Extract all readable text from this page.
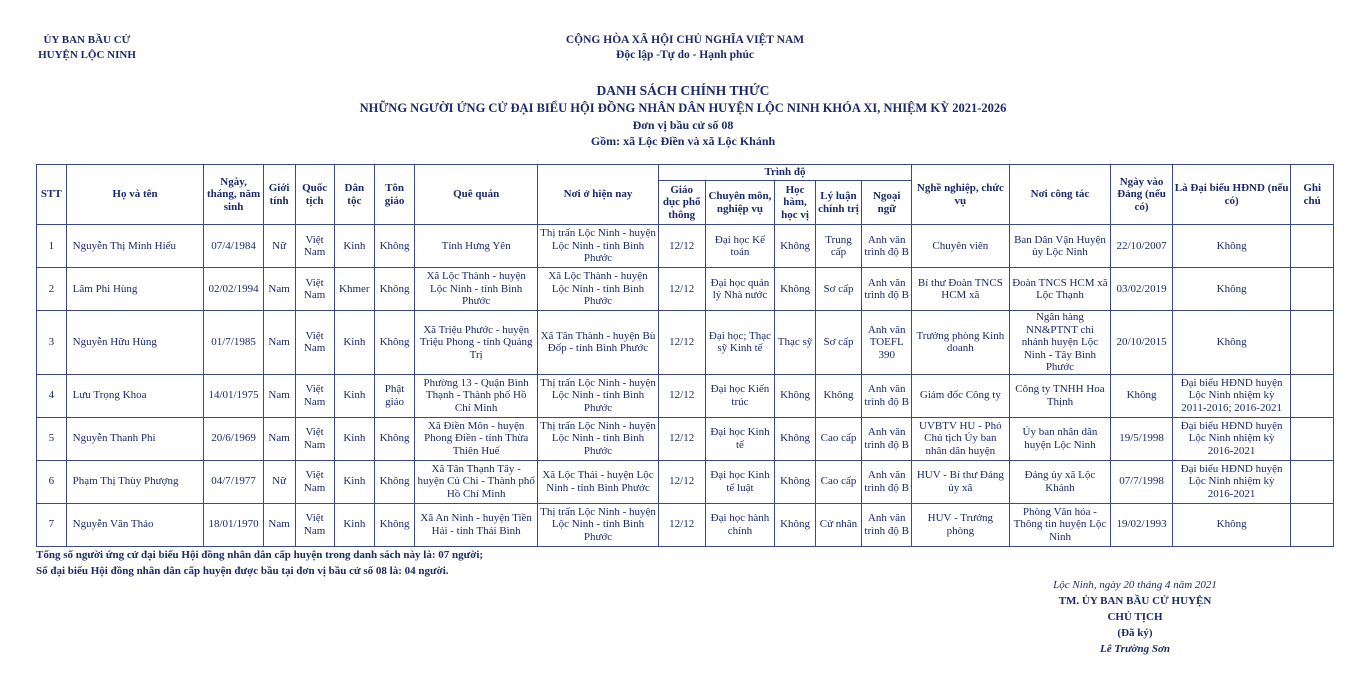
ỦY BAN BẦU CỬ
HUYỆN LỘC NINH
CỘNG HÒA XÃ HỘI CHỦ NGHĨA VIỆT NAM
Độc lập -Tự do - Hạnh phúc
DANH SÁCH CHÍNH THỨC
NHỮNG NGƯỜI ỨNG CỬ ĐẠI BIỂU HỘI ĐỒNG NHÂN DÂN HUYỆN LỘC NINH KHÓA XI, NHIỆM KỲ 2021-2026
Đơn vị bầu cử số 08
Gồm: xã Lộc Điền và xã Lộc Khánh
STT	Họ và tên	Ngày, tháng, năm sinh	Giới tính	Quốc tịch	Dân tộc	Tôn giáo	Quê quán	Nơi ở hiện nay	Trình độ					Nghề nghiệp, chức vụ	Nơi công tác	Ngày vào Đảng (nếu có)	Là Đại biểu HĐND (nếu có)	Ghi chú
									Giáo dục phổ thông	Chuyên môn, nghiệp vụ	Học hàm, học vị	Lý luận chính trị	Ngoại ngữ					
1	Nguyễn Thị Minh Hiếu	07/4/1984	Nữ	Việt Nam	Kinh	Không	Tỉnh Hưng Yên	Thị trấn Lộc Ninh - huyện Lộc Ninh - tỉnh Bình Phước	12/12	Đại học Kế toán	Không	Trung cấp	Anh văn trình độ B	Chuyên viên	Ban Dân Vận Huyện ủy Lộc Ninh	22/10/2007	Không	
2	Lâm Phi Hùng	02/02/1994	Nam	Việt Nam	Khmer	Không	Xã Lộc Thành - huyện Lộc Ninh - tỉnh Bình Phước	Xã Lộc Thành - huyện Lộc Ninh - tỉnh Bình Phước	12/12	Đại học quản lý Nhà nước	Không	Sơ cấp	Anh văn trình độ B	Bí thư Đoàn TNCS HCM xã	Đoàn TNCS HCM xã Lộc Thạnh	03/02/2019	Không	
3	Nguyễn Hữu Hùng	01/7/1985	Nam	Việt Nam	Kinh	Không	Xã Triệu Phước - huyện Triệu Phong - tỉnh Quảng Trị	Xã Tân Thành - huyện Bù Đốp - tỉnh Bình Phước	12/12	Đại học; Thạc sỹ Kinh tế	Thạc sỹ	Sơ cấp	Anh văn TOEFL 390	Trưởng phòng Kinh doanh	Ngân hàng NN&PTNT chi nhánh huyện Lộc Ninh - Tây Bình Phước	20/10/2015	Không	
4	Lưu Trọng Khoa	14/01/1975	Nam	Việt Nam	Kinh	Phật giáo	Phường 13 - Quận Bình Thạnh - Thành phố Hồ Chí Minh	Thị trấn Lộc Ninh - huyện Lộc Ninh - tỉnh Bình Phước	12/12	Đại học Kiến trúc	Không	Không	Anh văn trình độ B	Giám đốc Công ty	Công ty TNHH Hoa Thịnh	Không	Đại biểu HĐND huyện Lộc Ninh nhiệm kỳ 2011-2016; 2016-2021	
5	Nguyễn Thanh Phi	20/6/1969	Nam	Việt Nam	Kinh	Không	Xã Điền Môn - huyện Phong Điền - tỉnh Thừa Thiên Huế	Thị trấn Lộc Ninh - huyện Lộc Ninh - tỉnh Bình Phước	12/12	Đại học Kinh tế	Không	Cao cấp	Anh văn trình độ B	UVBTV HU - Phó Chủ tịch Ủy ban nhân dân huyện	Ủy ban nhân dân huyện Lộc Ninh	19/5/1998	Đại biểu HĐND huyện Lộc Ninh nhiệm kỳ 2016-2021	
6	Phạm Thị Thùy Phượng	04/7/1977	Nữ	Việt Nam	Kinh	Không	Xã Tân Thạnh Tây - huyện Củ Chi - Thành phố Hồ Chí Minh	Xã Lộc Thái - huyện Lộc Ninh - tỉnh Bình Phước	12/12	Đại học Kinh tế luật	Không	Cao cấp	Anh văn trình độ B	HUV - Bí thư Đảng ủy xã	Đảng ủy xã Lộc Khánh	07/7/1998	Đại biểu HĐND huyện Lộc Ninh nhiệm kỳ 2016-2021	
7	Nguyễn Văn Thảo	18/01/1970	Nam	Việt Nam	Kinh	Không	Xã An Ninh - huyện Tiền Hải - tỉnh Thái Bình	Thị trấn Lộc Ninh - huyện Lộc Ninh - tỉnh Bình Phước	12/12	Đại học hành chính	Không	Cử nhân	Anh văn trình độ B	HUV - Trưởng phòng	Phòng Văn hóa - Thông tin huyện Lộc Ninh	19/02/1993	Không	
Tổng số người ứng cử đại biểu Hội đồng nhân dân cấp huyện trong danh sách này là: 07 người;
Số đại biểu Hội đồng nhân dân cấp huyện được bầu tại đơn vị bầu cử số 08 là: 04 người.
Lộc Ninh, ngày 20 tháng 4 năm 2021
TM. ỦY BAN BẦU CỬ HUYỆN
CHỦ TỊCH
(Đã ký)
Lê Trường Sơn
